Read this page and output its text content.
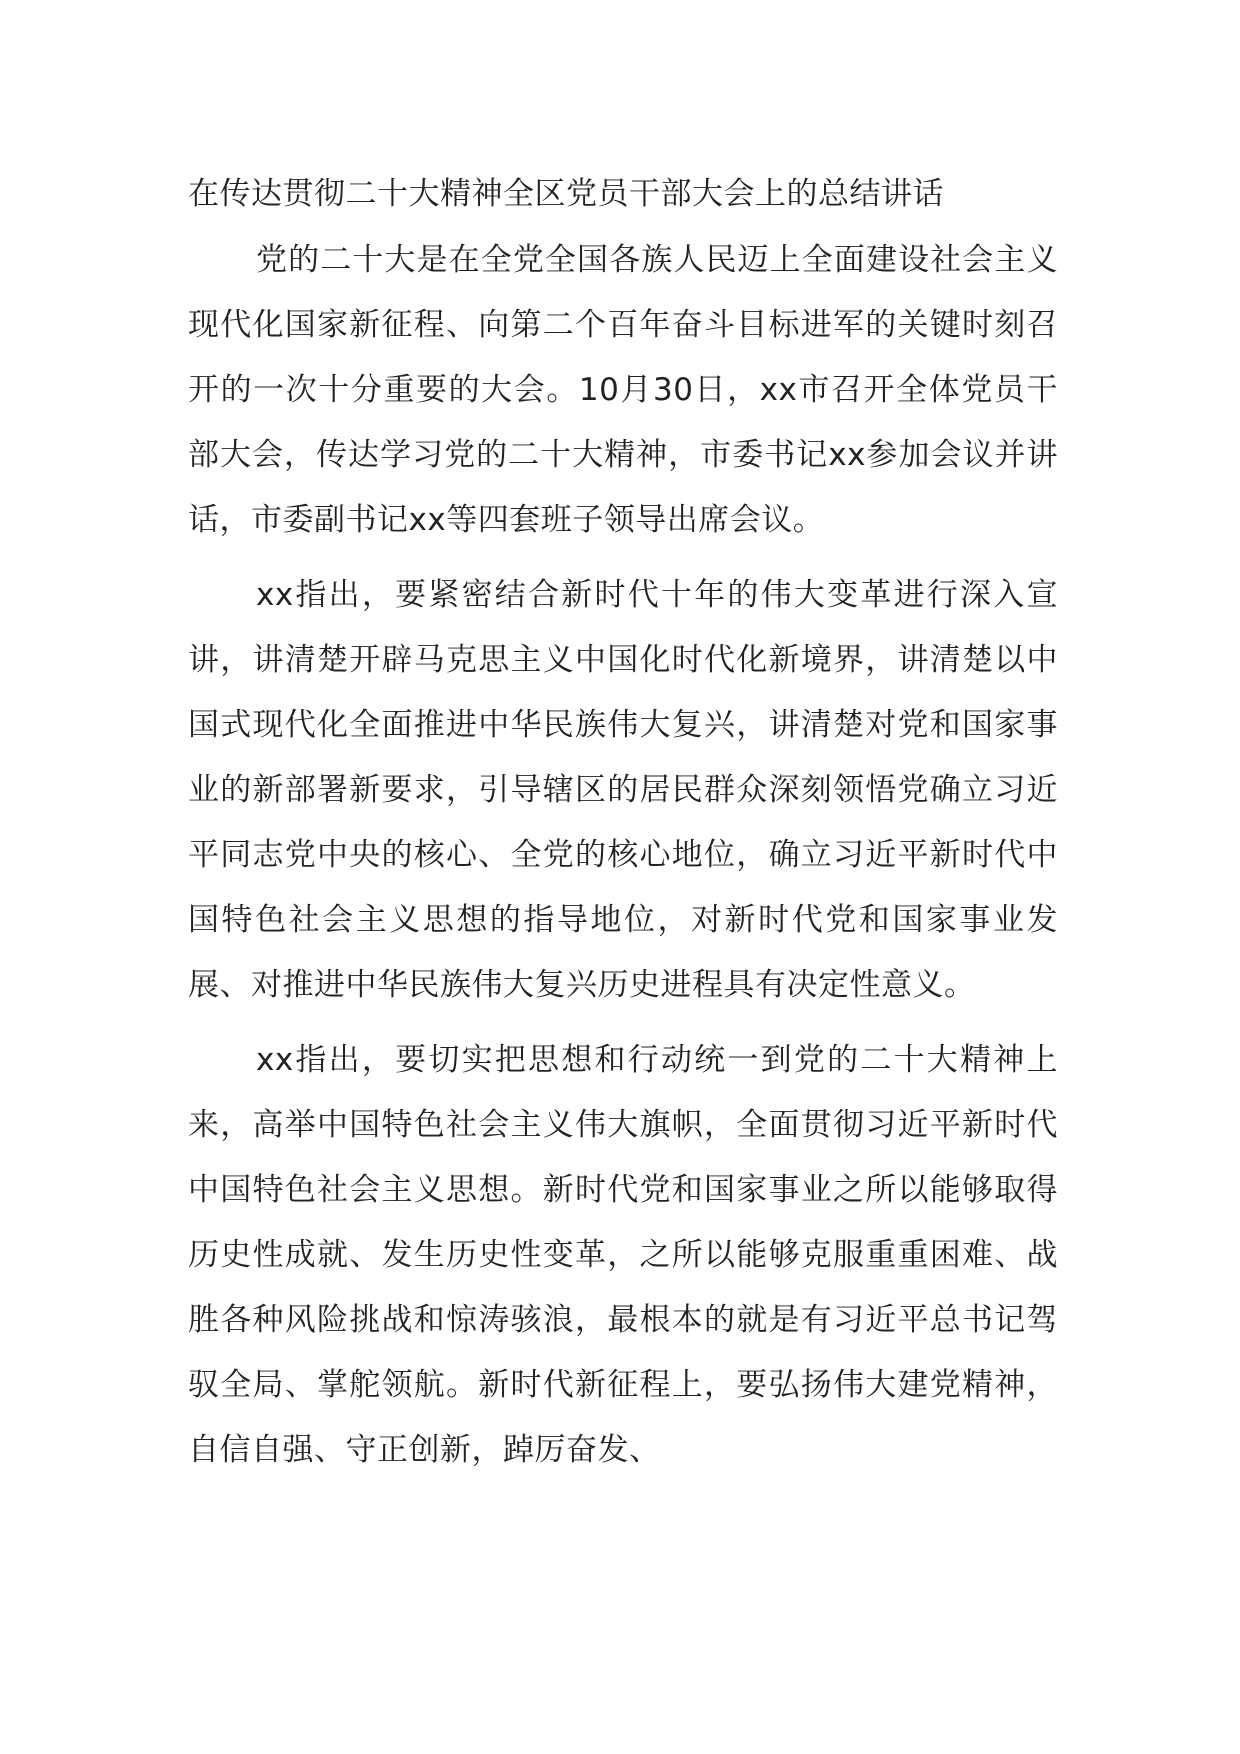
在传达贯彻二十大精神全区党员干部大会上的总结讲话

党的二十大是在全党全国各族人民迈上全面建设社会主义现代化国家新征程、向第二个百年奋斗目标进军的关键时刻召开的一次十分重要的大会。10月30日，xx市召开全体党员干部大会，传达学习党的二十大精神，市委书记xx参加会议并讲话，市委副书记xx等四套班子领导出席会议。

xx指出，要紧密结合新时代十年的伟大变革进行深入宣讲，讲清楚开辟马克思主义中国化时代化新境界，讲清楚以中国式现代化全面推进中华民族伟大复兴，讲清楚对党和国家事业的新部署新要求，引导辖区的居民群众深刻领悟党确立习近平同志党中央的核心、全党的核心地位，确立习近平新时代中国特色社会主义思想的指导地位，对新时代党和国家事业发展、对推进中华民族伟大复兴历史进程具有决定性意义。

xx指出，要切实把思想和行动统一到党的二十大精神上来，高举中国特色社会主义伟大旗帜，全面贯彻习近平新时代中国特色社会主义思想。新时代党和国家事业之所以能够取得历史性成就、发生历史性变革，之所以能够克服重重困难、战胜各种风险挑战和惊涛骇浪，最根本的就是有习近平总书记驾驭全局、掌舵领航。新时代新征程上，要弘扬伟大建党精神，自信自强、守正创新，踔厉奋发、
